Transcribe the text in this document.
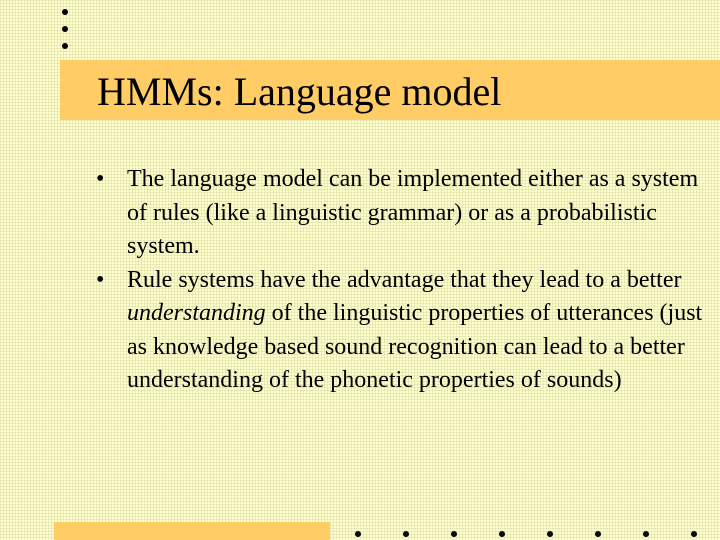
HMMs: Language model
• The language model can be implemented either as a system of rules (like a linguistic grammar) or as a probabilistic system.
• Rule systems have the advantage that they lead to a better understanding of the linguistic properties of utterances (just as knowledge based sound recognition can lead to a better understanding of the phonetic properties of sounds)
